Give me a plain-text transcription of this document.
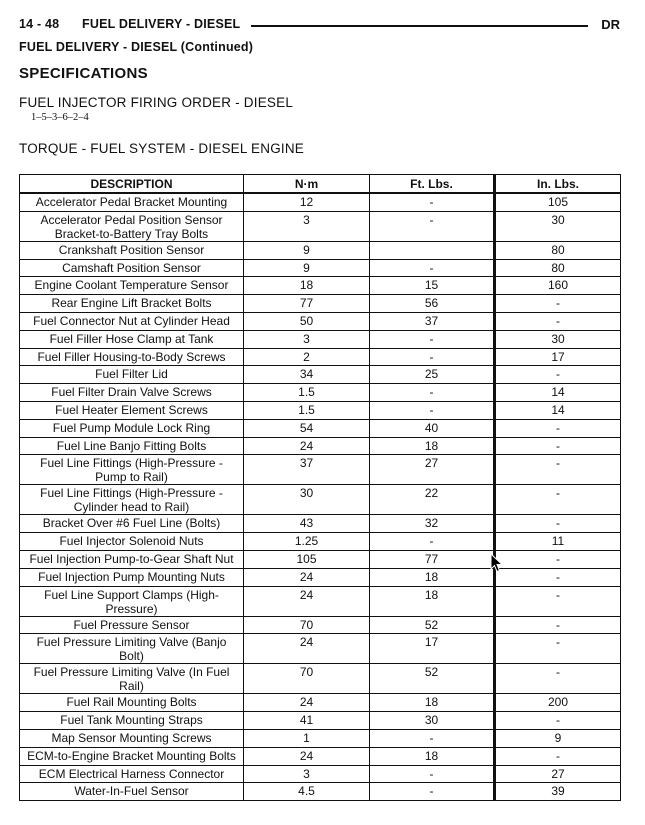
14 - 48 FUEL DELIVERY - DIESEL	DR
FUEL DELIVERY - DIESEL (Continued)
SPECIFICATIONS
FUEL INJECTOR FIRING ORDER - DIESEL
1–5–3–6–2–4
TORQUE - FUEL SYSTEM - DIESEL ENGINE
DESCRIPTION	N·m	Ft. Lbs.	In. Lbs.
Accelerator Pedal Bracket Mounting	12	-	105
Accelerator Pedal Position Sensor Bracket-to-Battery Tray Bolts	3	-	30
Crankshaft Position Sensor	9		80
Camshaft Position Sensor	9	-	80
Engine Coolant Temperature Sensor	18	15	160
Rear Engine Lift Bracket Bolts	77	56	-
Fuel Connector Nut at Cylinder Head	50	37	-
Fuel Filler Hose Clamp at Tank	3	-	30
Fuel Filler Housing-to-Body Screws	2	-	17
Fuel Filter Lid	34	25	-
Fuel Filter Drain Valve Screws	1.5	-	14
Fuel Heater Element Screws	1.5	-	14
Fuel Pump Module Lock Ring	54	40	-
Fuel Line Banjo Fitting Bolts	24	18	-
Fuel Line Fittings (High-Pressure - Pump to Rail)	37	27	-
Fuel Line Fittings (High-Pressure - Cylinder head to Rail)	30	22	-
Bracket Over #6 Fuel Line (Bolts)	43	32	-
Fuel Injector Solenoid Nuts	1.25	-	11
Fuel Injection Pump-to-Gear Shaft Nut	105	77	-
Fuel Injection Pump Mounting Nuts	24	18	-
Fuel Line Support Clamps (High-Pressure)	24	18	-
Fuel Pressure Sensor	70	52	-
Fuel Pressure Limiting Valve (Banjo Bolt)	24	17	-
Fuel Pressure Limiting Valve (In Fuel Rail)	70	52	-
Fuel Rail Mounting Bolts	24	18	200
Fuel Tank Mounting Straps	41	30	-
Map Sensor Mounting Screws	1	-	9
ECM-to-Engine Bracket Mounting Bolts	24	18	-
ECM Electrical Harness Connector	3	-	27
Water-In-Fuel Sensor	4.5	-	39
